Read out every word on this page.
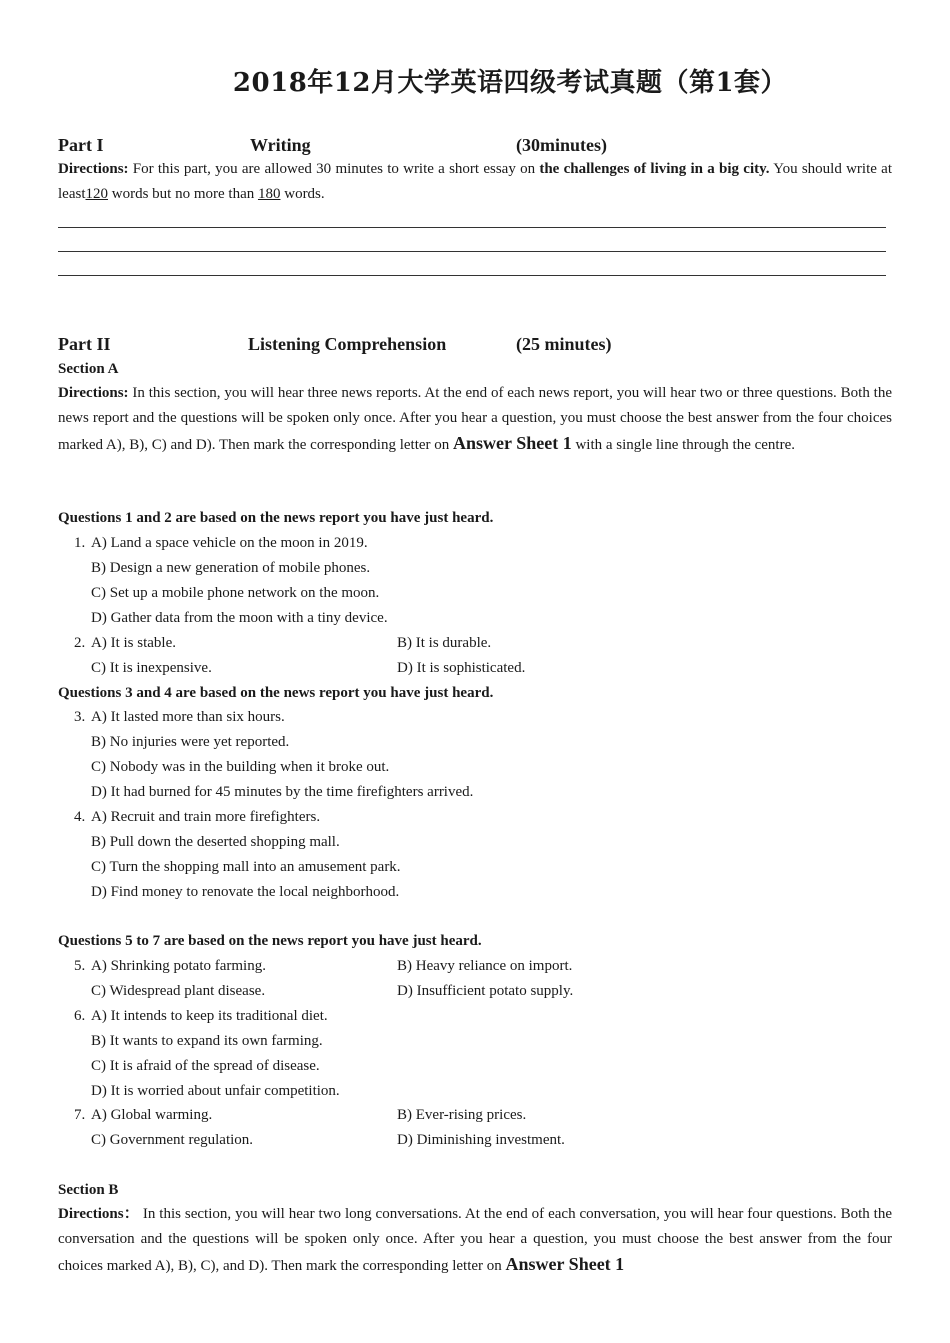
2018年12月大学英语四级考试真题（第1套）
Part I	Writing	(30minutes)
Directions: For this part, you are allowed 30 minutes to write a short essay on the challenges of living in a big city. You should write at least120 words but no more than 180 words.
Part II	Listening Comprehension	(25 minutes)
Section A
Directions: In this section, you will hear three news reports. At the end of each news report, you will hear two or three questions. Both the news report and the questions will be spoken only once. After you hear a question, you must choose the best answer from the four choices marked A), B), C) and D). Then mark the corresponding letter on Answer Sheet 1 with a single line through the centre.
Questions 1 and 2 are based on the news report you have just heard.
1. A) Land a space vehicle on the moon in 2019.
B) Design a new generation of mobile phones.
C) Set up a mobile phone network on the moon.
D) Gather data from the moon with a tiny device.
2. A) It is stable.	B) It is durable.
C) It is inexpensive.	D) It is sophisticated.
Questions 3 and 4 are based on the news report you have just heard.
3. A) It lasted more than six hours.
B) No injuries were yet reported.
C) Nobody was in the building when it broke out.
D) It had burned for 45 minutes by the time firefighters arrived.
4. A) Recruit and train more firefighters.
B) Pull down the deserted shopping mall.
C) Turn the shopping mall into an amusement park.
D) Find money to renovate the local neighborhood.
Questions 5 to 7 are based on the news report you have just heard.
5. A) Shrinking potato farming.	B) Heavy reliance on import.
C) Widespread plant disease.	D) Insufficient potato supply.
6. A) It intends to keep its traditional diet.
B) It wants to expand its own farming.
C) It is afraid of the spread of disease.
D) It is worried about unfair competition.
7. A) Global warming.	B) Ever-rising prices.
C) Government regulation.	D) Diminishing investment.
Section B
Directions： In this section, you will hear two long conversations. At the end of each conversation, you will hear four questions. Both the conversation and the questions will be spoken only once. After you hear a question, you must choose the best answer from the four choices marked A), B), C), and D). Then mark the corresponding letter on Answer Sheet 1
